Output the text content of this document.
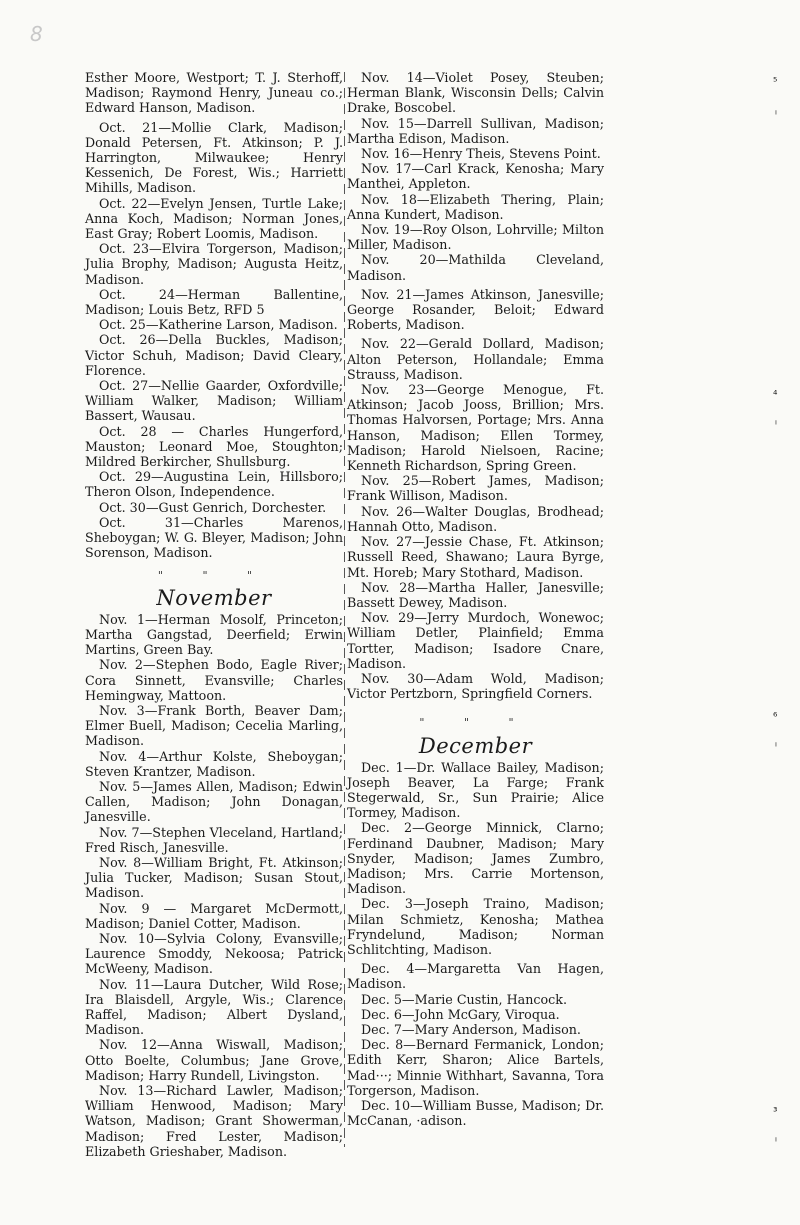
8

Esther Moore, Westport; T. J. Sterhoff, Madison; Raymond Henry, Juneau co.; Edward Hanson, Madison.

Oct. 21—Mollie Clark, Madison; Donald Petersen, Ft. Atkinson; P. J. Harrington, Milwaukee; Henry Kessenich, De Forest, Wis.; Harriett Mihills, Madison.

Oct. 22—Evelyn Jensen, Turtle Lake; Anna Koch, Madison; Norman Jones, East Gray; Robert Loomis, Madison.

Oct. 23—Elvira Torgerson, Madison; Julia Brophy, Madison; Augusta Heitz, Madison.

Oct. 24—Herman Ballentine, Madison; Louis Betz, RFD 5

Oct. 25—Katherine Larson, Madison.

Oct. 26—Della Buckles, Madison; Victor Schuh, Madison; David Cleary, Florence.

Oct. 27—Nellie Gaarder, Oxfordville; William Walker, Madison; William Bassert, Wausau.

Oct. 28 — Charles Hungerford, Mauston; Leonard Moe, Stoughton; Mildred Berkircher, Shullsburg.

Oct. 29—Augustina Lein, Hillsboro; Theron Olson, Independence.

Oct. 30—Gust Genrich, Dorchester.

Oct. 31—Charles Marenos, Sheboygan; W. G. Bleyer, Madison; John Sorenson, Madison.

" " "
November

Nov. 1—Herman Mosolf, Princeton; Martha Gangstad, Deerfield; Erwin Martins, Green Bay.

Nov. 2—Stephen Bodo, Eagle River; Cora Sinnett, Evansville; Charles Hemingway, Mattoon.

Nov. 3—Frank Borth, Beaver Dam; Elmer Buell, Madison; Cecelia Marling, Madison.

Nov. 4—Arthur Kolste, Sheboygan; Steven Krantzer, Madison.

Nov. 5—James Allen, Madison; Edwin Callen, Madison; John Donagan, Janesville.

Nov. 7—Stephen Vleceland, Hartland; Fred Risch, Janesville.

Nov. 8—William Bright, Ft. Atkinson; Julia Tucker, Madison; Susan Stout, Madison.

Nov. 9 — Margaret McDermott, Madison; Daniel Cotter, Madison.

Nov. 10—Sylvia Colony, Evansville; Laurence Smoddy, Nekoosa; Patrick McWeeny, Madison.

Nov. 11—Laura Dutcher, Wild Rose; Ira Blaisdell, Argyle, Wis.; Clarence Raffel, Madison; Albert Dysland, Madison.

Nov. 12—Anna Wiswall, Madison; Otto Boelte, Columbus; Jane Grove, Madison; Harry Rundell, Livingston.

Nov. 13—Richard Lawler, Madison; William Henwood, Madison; Mary Watson, Madison; Grant Showerman, Madison; Fred Lester, Madison; Elizabeth Grieshaber, Madison.

Nov. 14—Violet Posey, Steuben; Herman Blank, Wisconsin Dells; Calvin Drake, Boscobel.

Nov. 15—Darrell Sullivan, Madison; Martha Edison, Madison.

Nov. 16—Henry Theis, Stevens Point.

Nov. 17—Carl Krack, Kenosha; Mary Manthei, Appleton.

Nov. 18—Elizabeth Thering, Plain; Anna Kundert, Madison.

Nov. 19—Roy Olson, Lohrville; Milton Miller, Madison.

Nov. 20—Mathilda Cleveland, Madison.

Nov. 21—James Atkinson, Janesville; George Rosander, Beloit; Edward Roberts, Madison.

Nov. 22—Gerald Dollard, Madison; Alton Peterson, Hollandale; Emma Strauss, Madison.

Nov. 23—George Menogue, Ft. Atkinson; Jacob Jooss, Brillion; Mrs. Thomas Halvorsen, Portage; Mrs. Anna Hanson, Madison; Ellen Tormey, Madison; Harold Nielsoen, Racine; Kenneth Richardson, Spring Green.

Nov. 25—Robert James, Madison; Frank Willison, Madison.

Nov. 26—Walter Douglas, Brodhead; Hannah Otto, Madison.

Nov. 27—Jessie Chase, Ft. Atkinson; Russell Reed, Shawano; Laura Byrge, Mt. Horeb; Mary Stothard, Madison.

Nov. 28—Martha Haller, Janesville; Bassett Dewey, Madison.

Nov. 29—Jerry Murdoch, Wonewoc; William Detler, Plainfield; Emma Tortter, Madison; Isadore Cnare, Madison.

Nov. 30—Adam Wold, Madison; Victor Pertzborn, Springfield Corners.

" " "
December

Dec. 1—Dr. Wallace Bailey, Madison; Joseph Beaver, La Farge; Frank Stegerwald, Sr., Sun Prairie; Alice Tormey, Madison.

Dec. 2—George Minnick, Clarno; Ferdinand Daubner, Madison; Mary Snyder, Madison; James Zumbro, Madison; Mrs. Carrie Mortenson, Madison.

Dec. 3—Joseph Traino, Madison; Milan Schmietz, Kenosha; Mathea Fryndelund, Madison; Norman Schlitchting, Madison.

Dec. 4—Margaretta Van Hagen, Madison.

Dec. 5—Marie Custin, Hancock.

Dec. 6—John McGary, Viroqua.

Dec. 7—Mary Anderson, Madison.

Dec. 8—Bernard Fermanick, London; Edith Kerr, Sharon; Alice Bartels, Mad···; Minnie Withhart, Savanna, Tora Torgerson, Madison.

Dec. 10—William Busse, Madison; Dr. McCanan, ·adison.

⁵
ⁱ
⁴
ⁱ
⁶
ⁱ
³
ⁱ
